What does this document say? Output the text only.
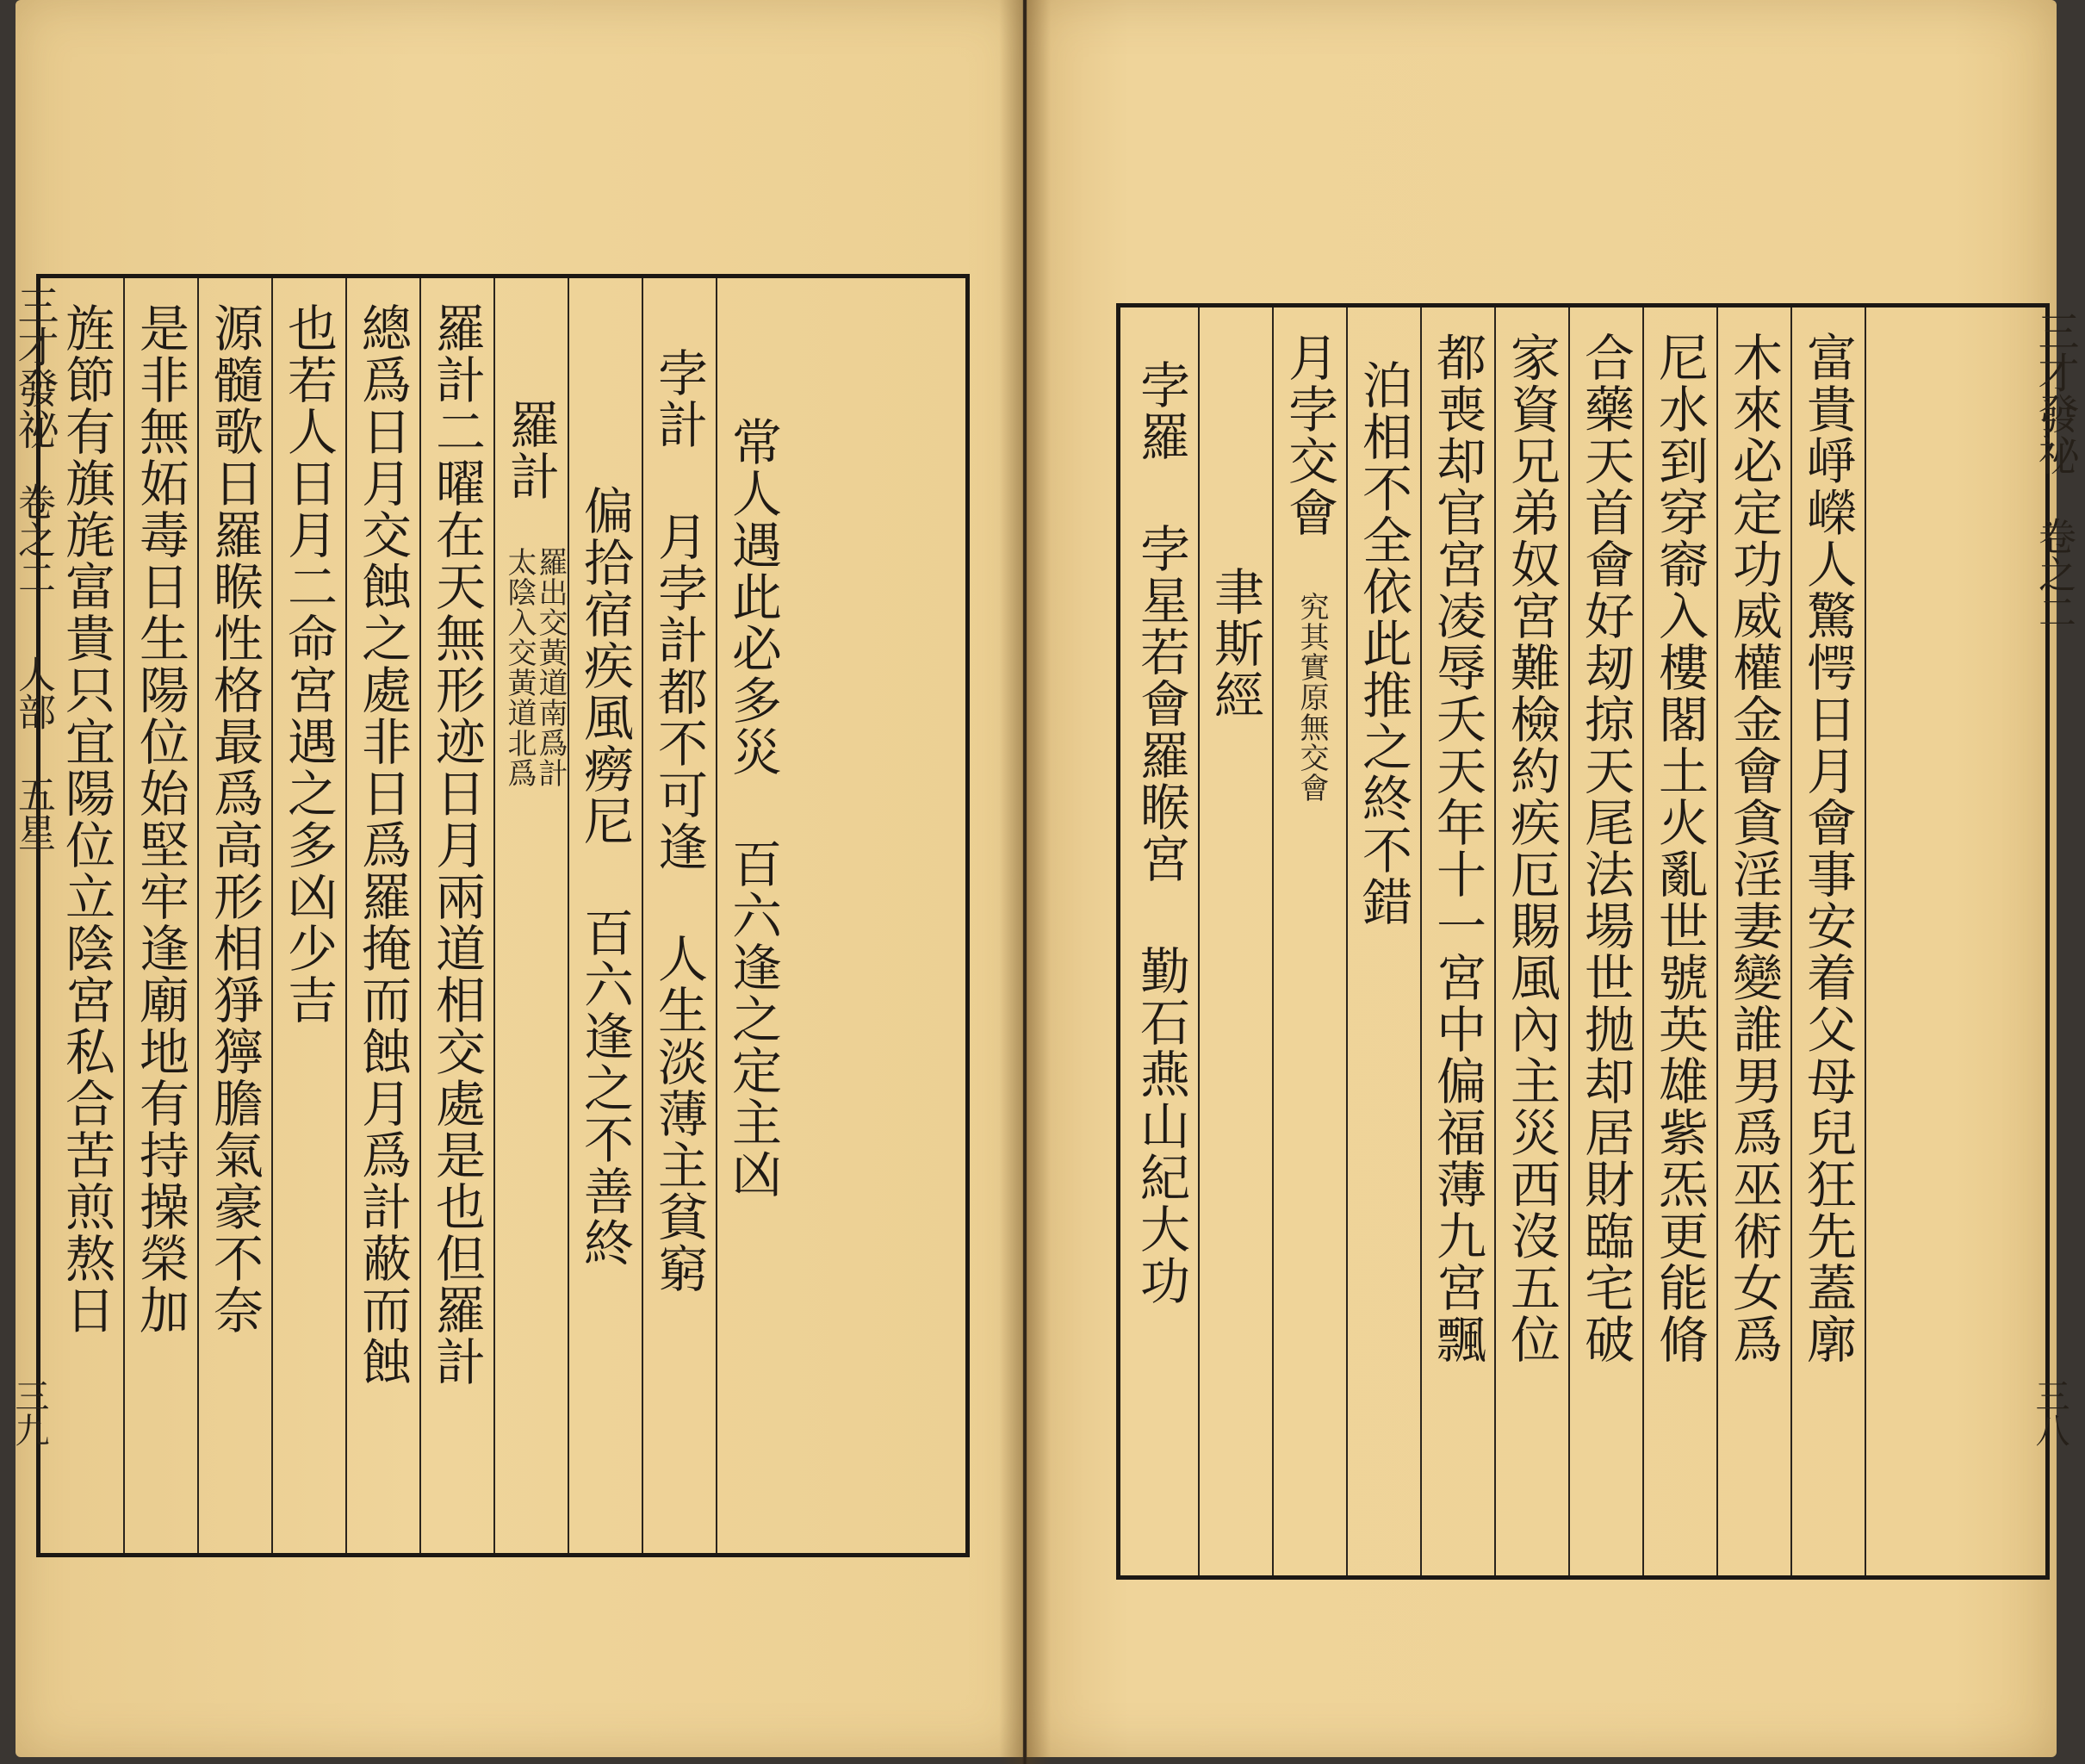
旌節有旗旄富貴只宜陽位立陰宮私合苦煎熬日 是非無妬毒日生陽位始堅牢逢廟地有持操榮加 源髓歌日羅睺性格最爲高形相猙獰膽氣豪不奈 也若人日月二命宮遇之多凶少吉 總爲日月交蝕之處非日爲羅掩而蝕月爲計蔽而蝕 羅計二曜在天無形迹日月兩道相交處是也但羅計 羅計
太陰入交黃道北爲
羅出交黃道南爲計 偏拾宿疾風癆尼 百六逢之不善終 孛計 月孛計都不可逢 人生淡薄主貧窮 常人遇此必多災 百六逢之定主凶
三才發祕
卷之二
人部
五星
三九
孛羅 孛星若會羅睺宮 勤石燕山紀大功 聿斯經
月孛交會
究其實原無交會 泊相不全依此推之終不錯 都喪却官宮凌辱夭天年十一宮中偏福薄九宮飄 家資兄弟奴宮難檢約疾厄賜風內主災西沒五位 合藥天首會好刼掠天尾法場世抛却居財臨宅破 尼水到穿窬入樓閣土火亂世號英雄紫炁更能脩 木來必定功威權金會貪淫妻變誰男爲巫術女爲 富貴崢嶸人驚愕日月會事安着父母兒狂先蓋廓	三才發祕
卷之二
三八
